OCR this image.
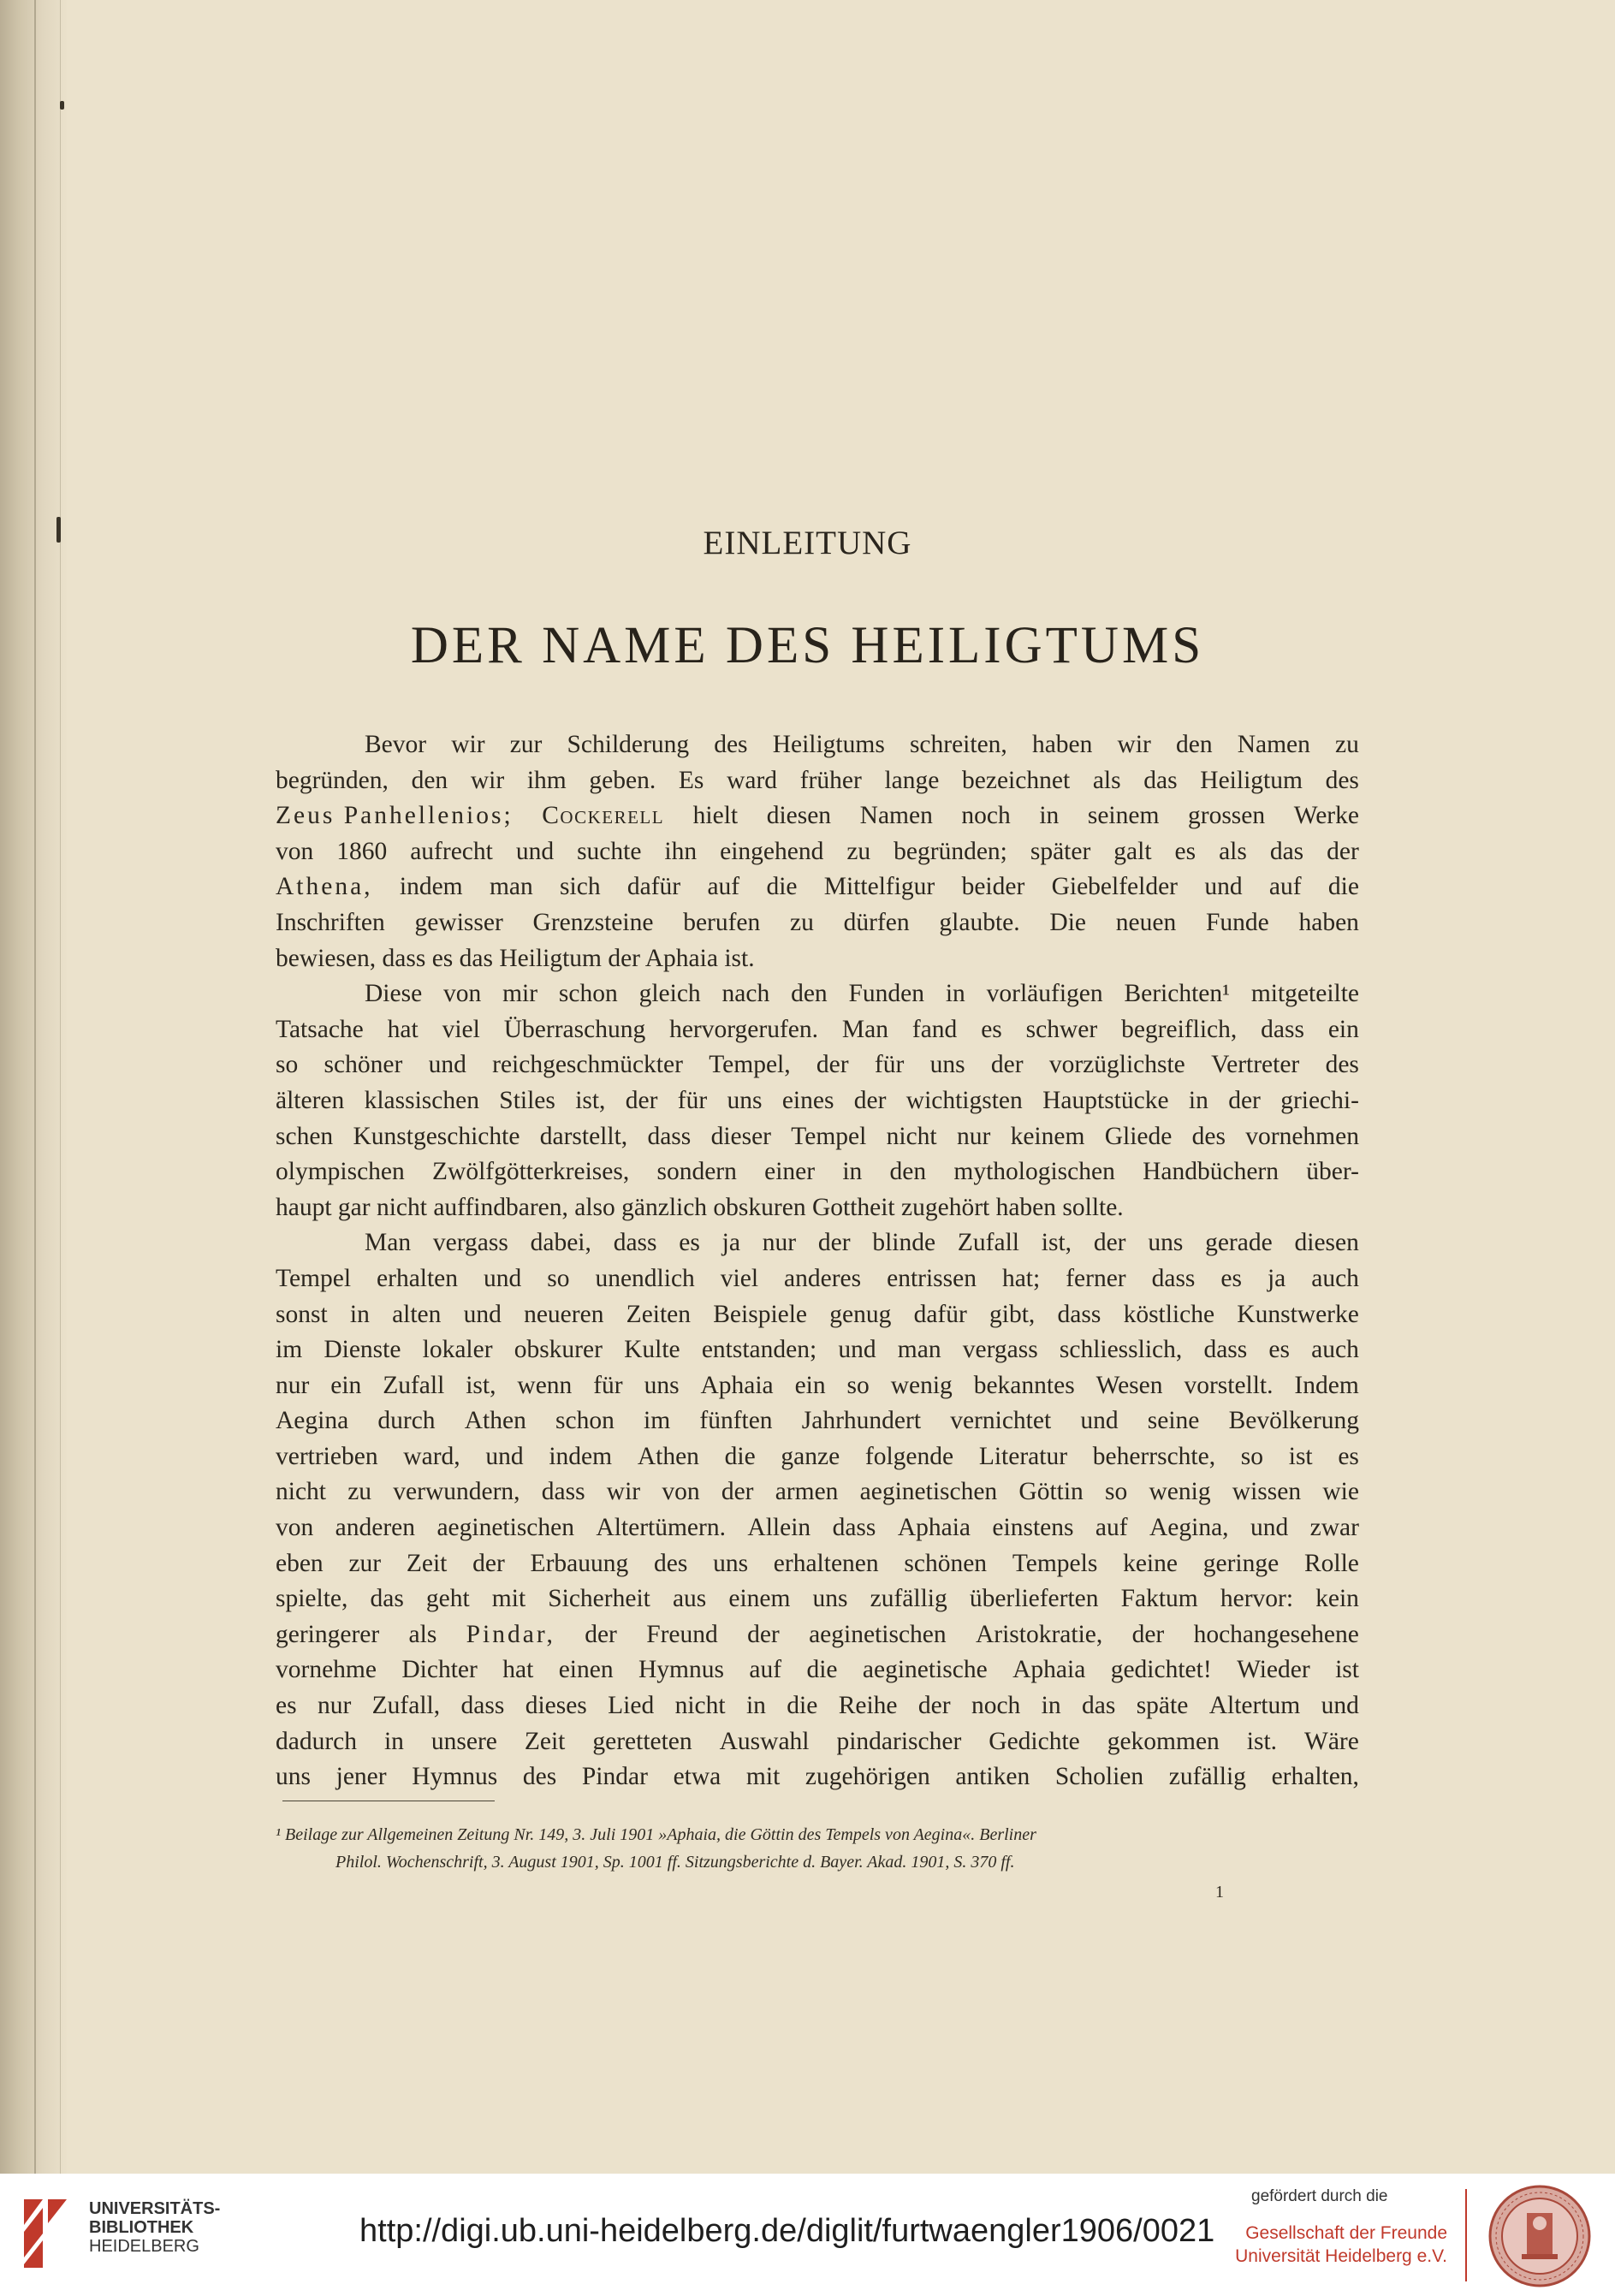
EINLEITUNG
DER NAME DES HEILIGTUMS
Bevor wir zur Schilderung des Heiligtums schreiten, haben wir den Namen zu
begründen, den wir ihm geben. Es ward früher lange bezeichnet als das Heiligtum des
Zeus Panhellenios; Cockerell hielt diesen Namen noch in seinem grossen Werke
von 1860 aufrecht und suchte ihn eingehend zu begründen; später galt es als das der
Athena, indem man sich dafür auf die Mittelfigur beider Giebelfelder und auf die
Inschriften gewisser Grenzsteine berufen zu dürfen glaubte. Die neuen Funde haben
bewiesen, dass es das Heiligtum der Aphaia ist.
Diese von mir schon gleich nach den Funden in vorläufigen Berichten¹ mitgeteilte
Tatsache hat viel Überraschung hervorgerufen. Man fand es schwer begreiflich, dass ein
so schöner und reichgeschmückter Tempel, der für uns der vorzüglichste Vertreter des
älteren klassischen Stiles ist, der für uns eines der wichtigsten Hauptstücke in der griechi-
schen Kunstgeschichte darstellt, dass dieser Tempel nicht nur keinem Gliede des vornehmen
olympischen Zwölfgötterkreises, sondern einer in den mythologischen Handbüchern über-
haupt gar nicht auffindbaren, also gänzlich obskuren Gottheit zugehört haben sollte.
Man vergass dabei, dass es ja nur der blinde Zufall ist, der uns gerade diesen
Tempel erhalten und so unendlich viel anderes entrissen hat; ferner dass es ja auch
sonst in alten und neueren Zeiten Beispiele genug dafür gibt, dass köstliche Kunstwerke
im Dienste lokaler obskurer Kulte entstanden; und man vergass schliesslich, dass es auch
nur ein Zufall ist, wenn für uns Aphaia ein so wenig bekanntes Wesen vorstellt. Indem
Aegina durch Athen schon im fünften Jahrhundert vernichtet und seine Bevölkerung
vertrieben ward, und indem Athen die ganze folgende Literatur beherrschte, so ist es
nicht zu verwundern, dass wir von der armen aeginetischen Göttin so wenig wissen wie
von anderen aeginetischen Altertümern. Allein dass Aphaia einstens auf Aegina, und zwar
eben zur Zeit der Erbauung des uns erhaltenen schönen Tempels keine geringe Rolle
spielte, das geht mit Sicherheit aus einem uns zufällig überlieferten Faktum hervor: kein
geringerer als Pindar, der Freund der aeginetischen Aristokratie, der hochangesehene
vornehme Dichter hat einen Hymnus auf die aeginetische Aphaia gedichtet! Wieder ist
es nur Zufall, dass dieses Lied nicht in die Reihe der noch in das späte Altertum und
dadurch in unsere Zeit geretteten Auswahl pindarischer Gedichte gekommen ist. Wäre
uns jener Hymnus des Pindar etwa mit zugehörigen antiken Scholien zufällig erhalten,
¹ Beilage zur Allgemeinen Zeitung Nr. 149, 3. Juli 1901 »Aphaia, die Göttin des Tempels von Aegina«. Berliner
Philol. Wochenschrift, 3. August 1901, Sp. 1001 ff. Sitzungsberichte d. Bayer. Akad. 1901, S. 370 ff.
1
UNIVERSITÄTS-
BIBLIOTHEK
HEIDELBERG	http://digi.ub.uni-heidelberg.de/diglit/furtwaengler1906/0021
gefördert durch die
Gesellschaft der Freunde
Universität Heidelberg e.V.
